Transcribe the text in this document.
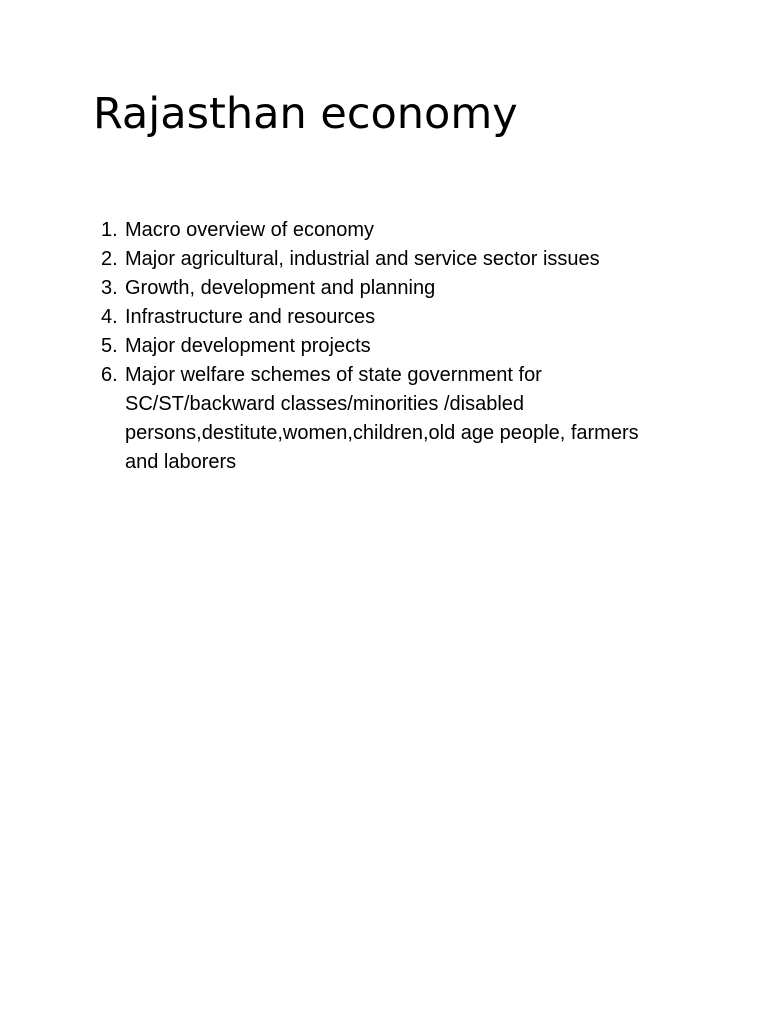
Rajasthan economy
1. Macro overview of economy
2. Major agricultural, industrial and service sector issues
3. Growth, development and planning
4. Infrastructure and resources
5. Major development projects
6. Major welfare schemes of state government for SC/ST/backward classes/minorities /disabled persons,destitute,women,children,old age people, farmers and laborers
